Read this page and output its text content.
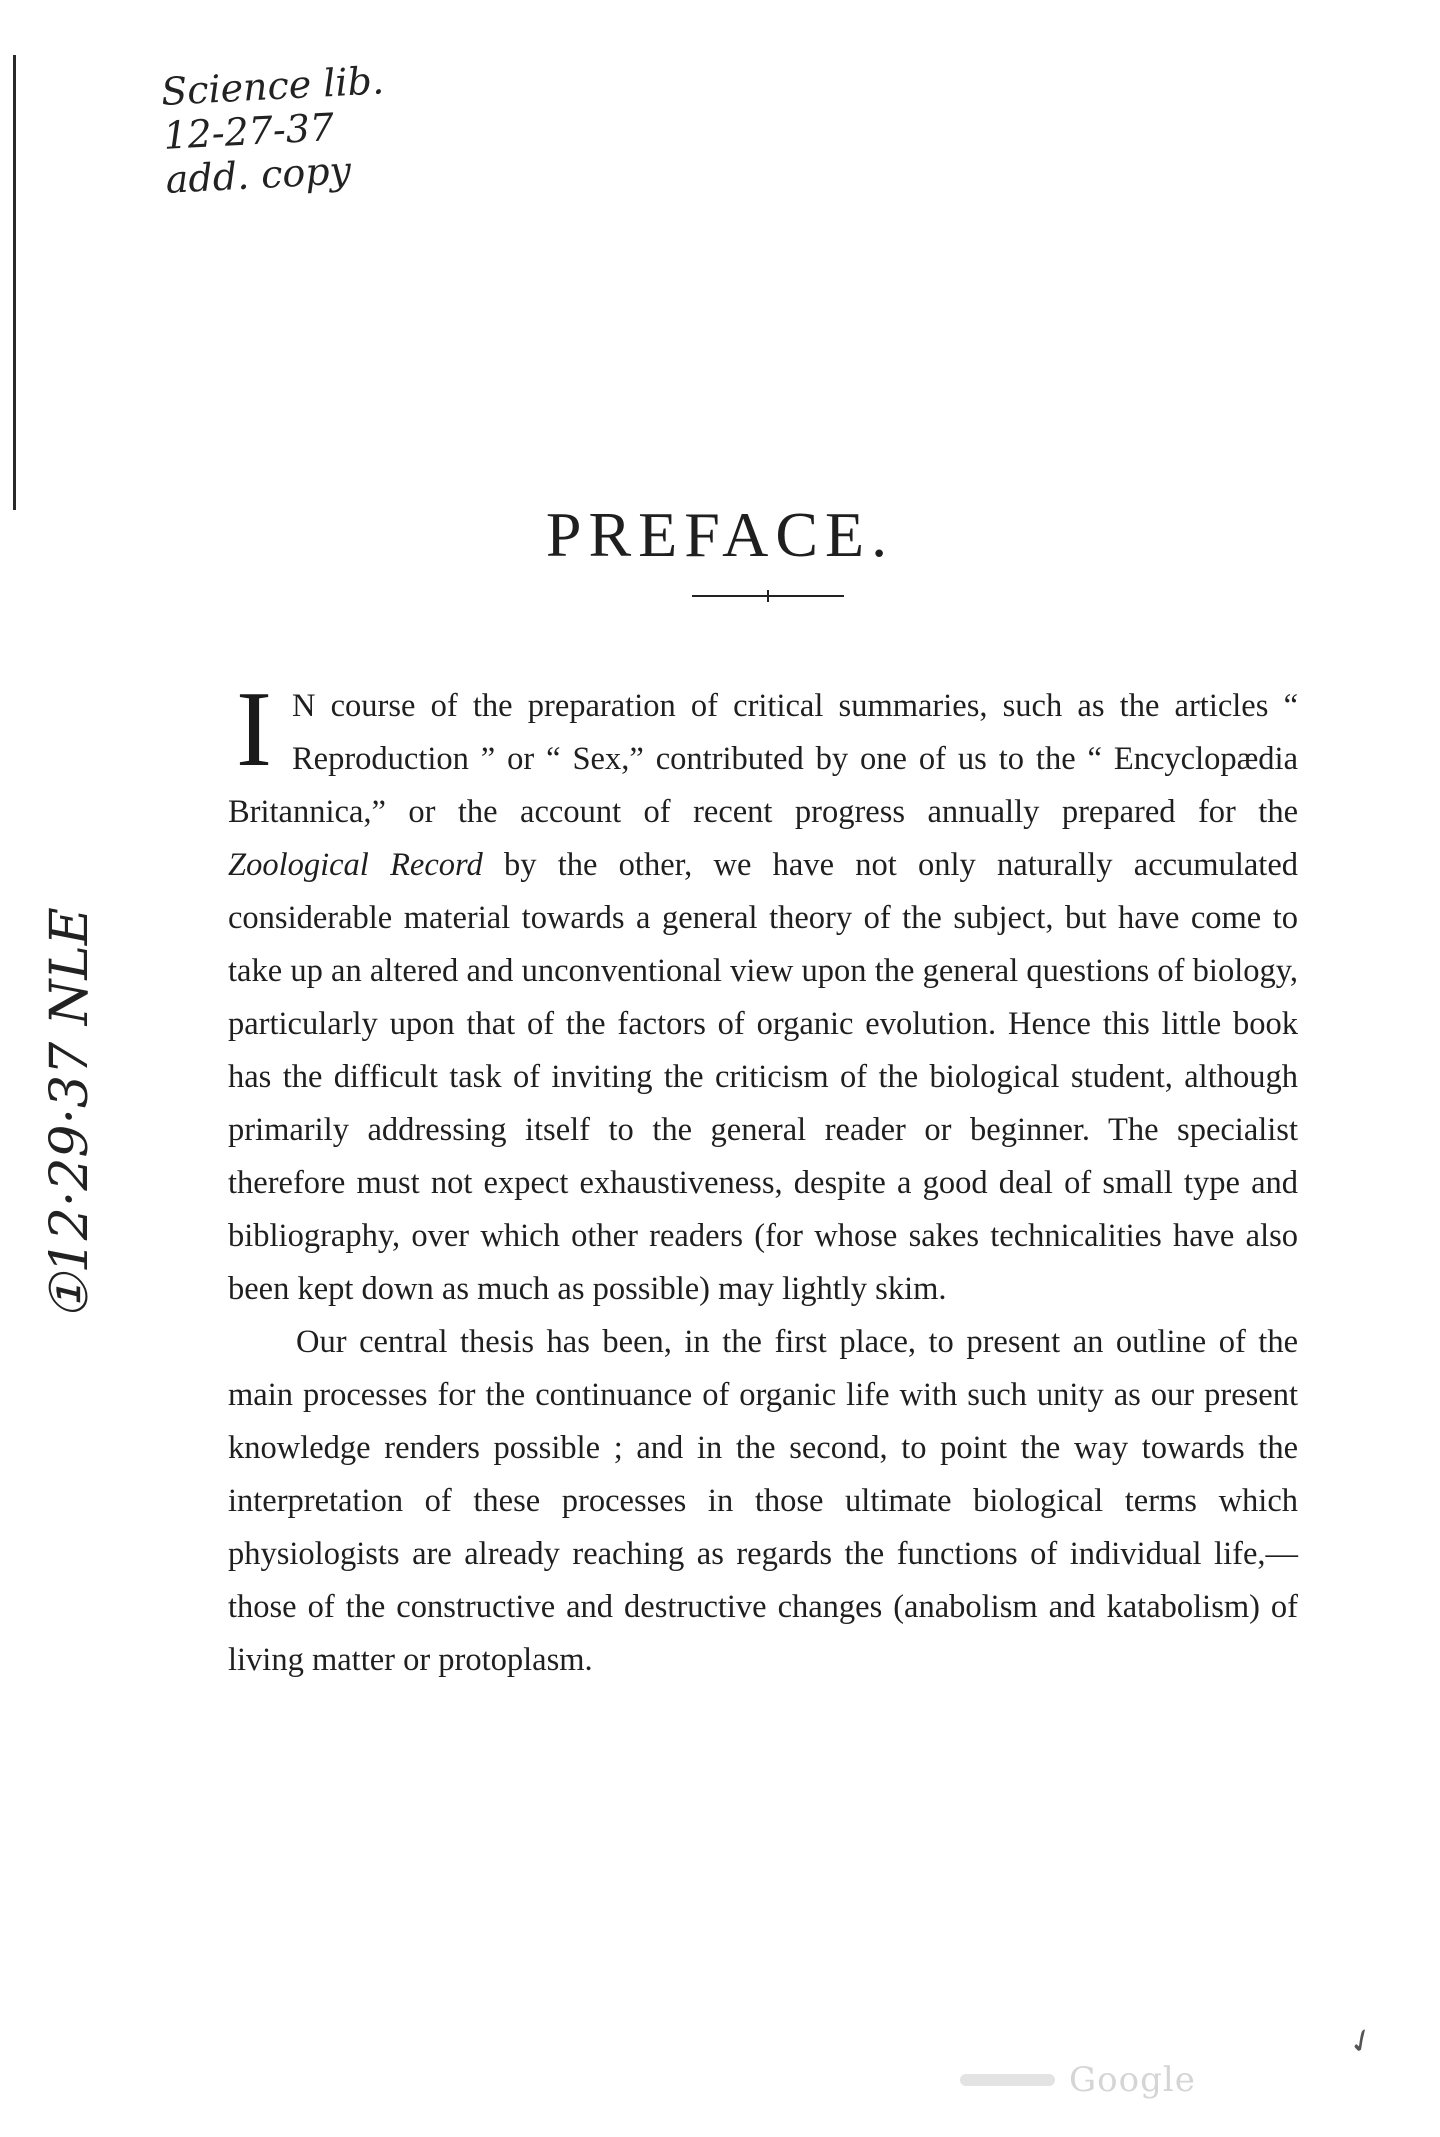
Science lib.
12-27-37
add. copy
①12·29·37 NLE
PREFACE.

I N course of the preparation of critical summaries, such as the articles “ Reproduction ” or “ Sex,” contributed by one of us to the “ Encyclopædia Britannica,” or the account of recent progress annually prepared for the Zoological Record by the other, we have not only naturally accumulated considerable material towards a general theory of the subject, but have come to take up an altered and unconventional view upon the general questions of biology, particularly upon that of the factors of organic evolution. Hence this little book has the difficult task of inviting the criticism of the biological student, although primarily addressing itself to the general reader or beginner. The specialist therefore must not expect exhaustiveness, despite a good deal of small type and bibliography, over which other readers (for whose sakes technicalities have also been kept down as much as possible) may lightly skim.

Our central thesis has been, in the first place, to present an outline of the main processes for the continuance of organic life with such unity as our present knowledge renders possible ; and in the second, to point the way towards the interpretation of these processes in those ultimate biological terms which physiologists are already reaching as regards the functions of individual life,—those of the constructive and destructive changes (anabolism and katabolism) of living matter or protoplasm.

✓
Google
